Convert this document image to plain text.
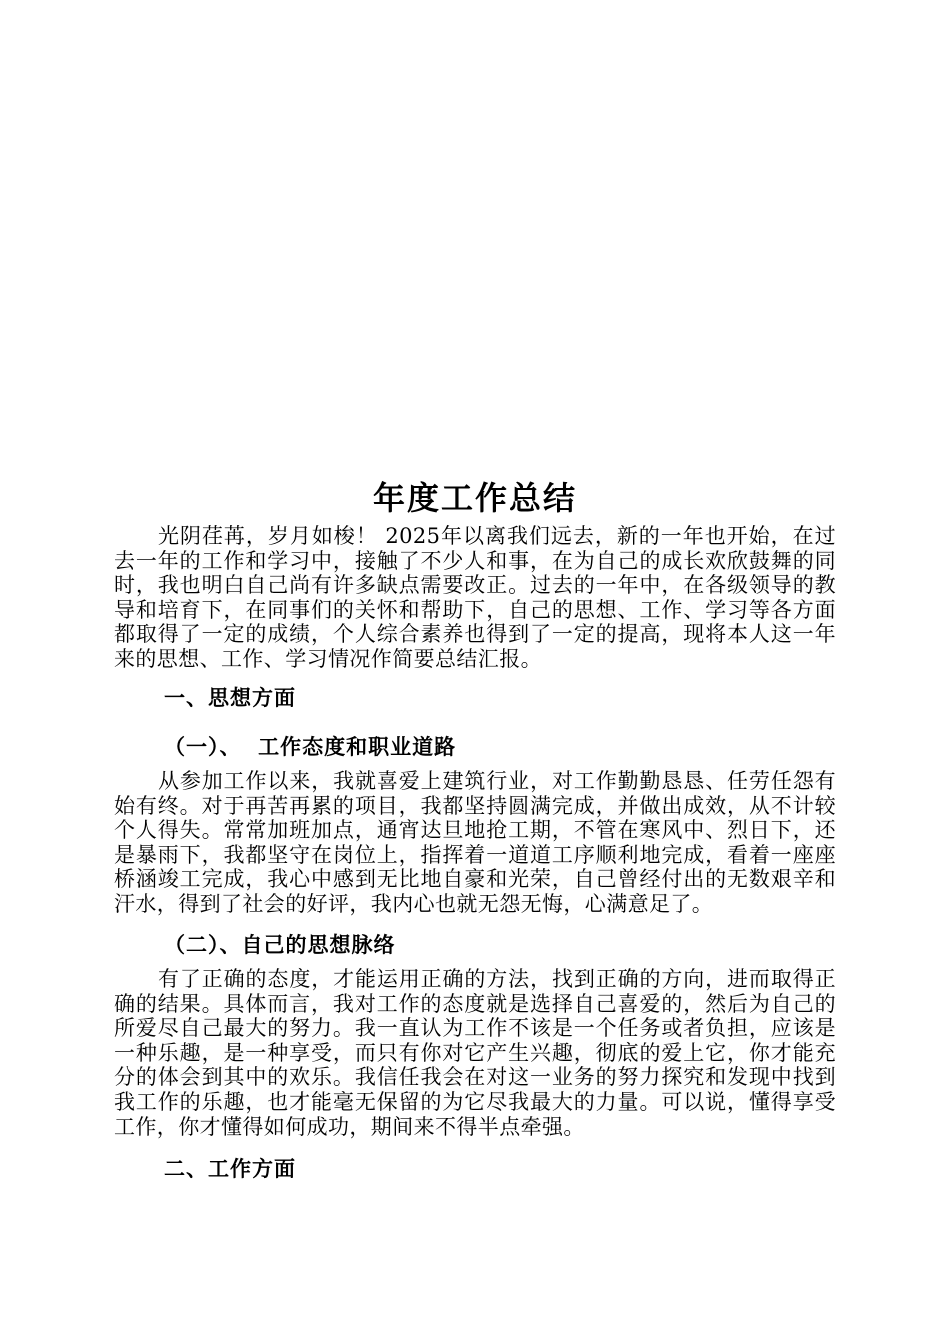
年度工作总结

光阴荏苒，岁月如梭！ 2025年以离我们远去，新的一年也开始，在过去一年的工作和学习中，接触了不少人和事，在为自己的成长欢欣鼓舞的同时，我也明白自己尚有许多缺点需要改正。过去的一年中，在各级领导的教导和培育下，在同事们的关怀和帮助下，自己的思想、工作、学习等各方面都取得了一定的成绩，个人综合素养也得到了一定的提高，现将本人这一年来的思想、工作、学习情况作简要总结汇报。

一、思想方面
（一）、  工作态度和职业道路

从参加工作以来，我就喜爱上建筑行业，对工作勤勤恳恳、任劳任怨有始有终。对于再苦再累的项目，我都坚持圆满完成，并做出成效，从不计较个人得失。常常加班加点，通宵达旦地抢工期，不管在寒风中、烈日下，还是暴雨下，我都坚守在岗位上，指挥着一道道工序顺利地完成，看着一座座桥涵竣工完成，我心中感到无比地自豪和光荣，自己曾经付出的无数艰辛和汗水，得到了社会的好评，我内心也就无怨无悔，心满意足了。

（二）、自己的思想脉络

有了正确的态度，才能运用正确的方法，找到正确的方向，进而取得正确的结果。具体而言，我对工作的态度就是选择自己喜爱的，然后为自己的所爱尽自己最大的努力。我一直认为工作不该是一个任务或者负担，应该是一种乐趣，是一种享受，而只有你对它产生兴趣，彻底的爱上它，你才能充分的体会到其中的欢乐。我信任我会在对这一业务的努力探究和发现中找到我工作的乐趣，也才能毫无保留的为它尽我最大的力量。可以说，懂得享受工作，你才懂得如何成功，期间来不得半点牵强。

二、工作方面
